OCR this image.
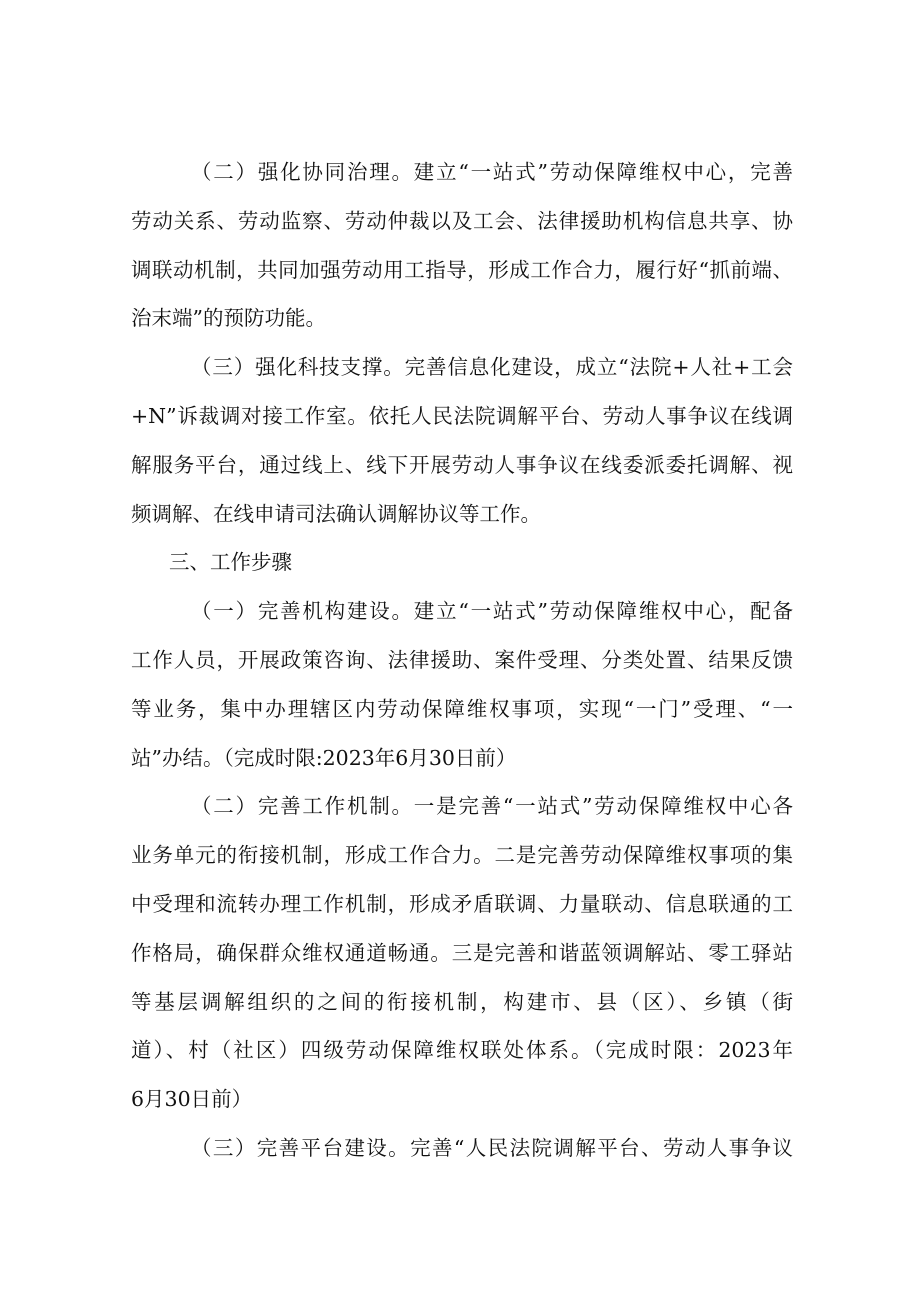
（二）强化协同治理。建立“一站式”劳动保障维权中心，完善
劳动关系、劳动监察、劳动仲裁以及工会、法律援助机构信息共享、协
调联动机制，共同加强劳动用工指导，形成工作合力，履行好“抓前端、
治末端”的预防功能。
（三）强化科技支撑。完善信息化建设，成立“法院+人社+工会
+N”诉裁调对接工作室。依托人民法院调解平台、劳动人事争议在线调
解服务平台，通过线上、线下开展劳动人事争议在线委派委托调解、视
频调解、在线申请司法确认调解协议等工作。
三、工作步骤
（一）完善机构建设。建立“一站式”劳动保障维权中心，配备
工作人员，开展政策咨询、法律援助、案件受理、分类处置、结果反馈
等业务，集中办理辖区内劳动保障维权事项，实现“一门”受理、“一
站”办结。（完成时限:2023年6月30日前）
（二）完善工作机制。一是完善“一站式”劳动保障维权中心各
业务单元的衔接机制，形成工作合力。二是完善劳动保障维权事项的集
中受理和流转办理工作机制，形成矛盾联调、力量联动、信息联通的工
作格局，确保群众维权通道畅通。三是完善和谐蓝领调解站、零工驿站
等基层调解组织的之间的衔接机制，构建市、县（区）、乡镇（街
道）、村（社区）四级劳动保障维权联处体系。（完成时限：2023年
6月30日前）
（三）完善平台建设。完善“人民法院调解平台、劳动人事争议
